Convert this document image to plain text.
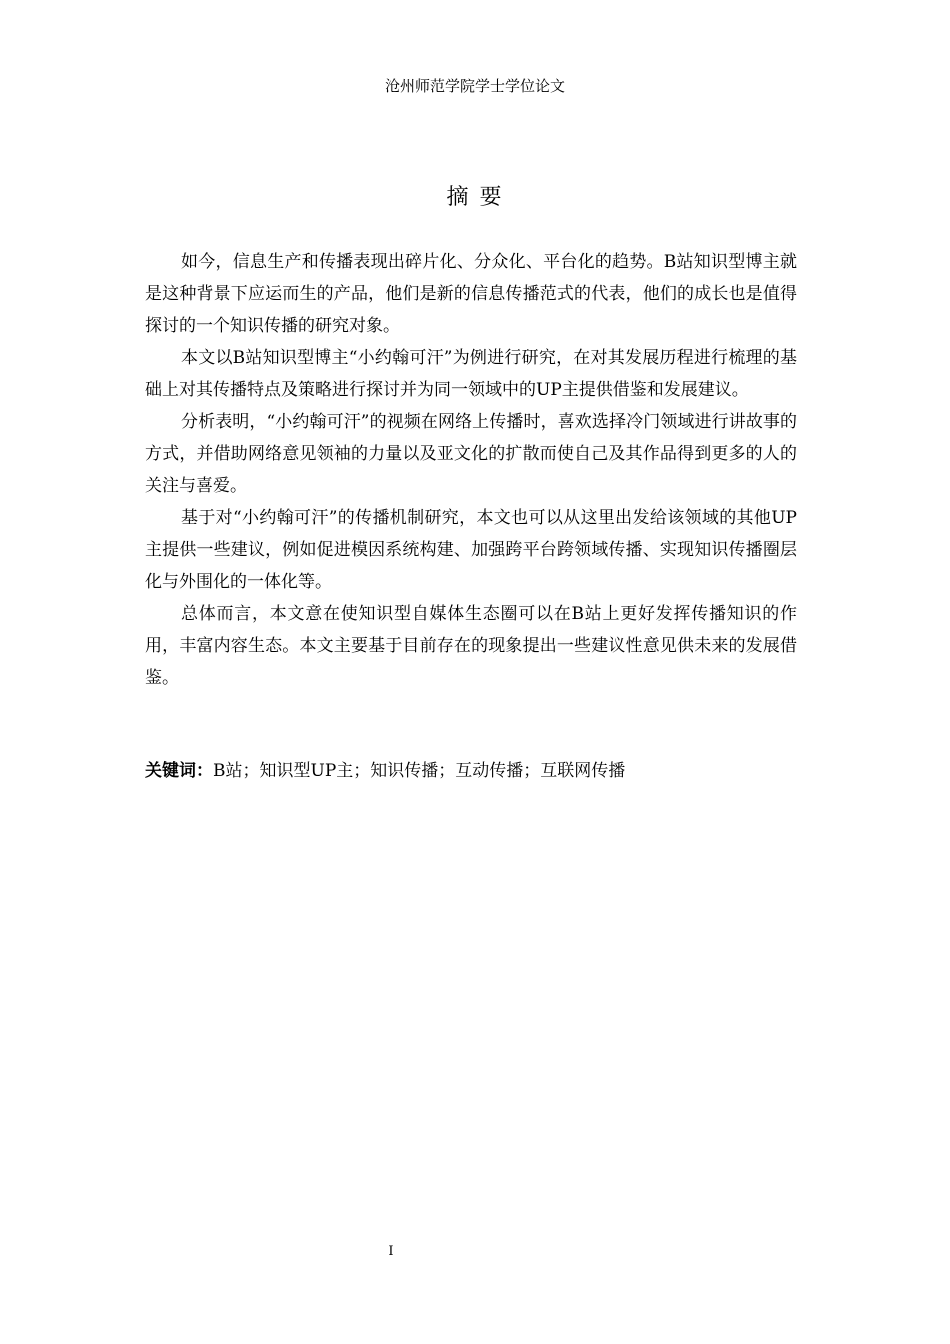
沧州师范学院学士学位论文
摘 要

如今，信息生产和传播表现出碎片化、分众化、平台化的趋势。B站知识型博主就是这种背景下应运而生的产品，他们是新的信息传播范式的代表，他们的成长也是值得探讨的一个知识传播的研究对象。

本文以B站知识型博主“小约翰可汗”为例进行研究，在对其发展历程进行梳理的基础上对其传播特点及策略进行探讨并为同一领域中的UP主提供借鉴和发展建议。

分析表明，“小约翰可汗”的视频在网络上传播时，喜欢选择冷门领域进行讲故事的方式，并借助网络意见领袖的力量以及亚文化的扩散而使自己及其作品得到更多的人的关注与喜爱。

基于对“小约翰可汗”的传播机制研究，本文也可以从这里出发给该领域的其他UP主提供一些建议，例如促进模因系统构建、加强跨平台跨领域传播、实现知识传播圈层化与外围化的一体化等。

总体而言，本文意在使知识型自媒体生态圈可以在B站上更好发挥传播知识的作用，丰富内容生态。本文主要基于目前存在的现象提出一些建议性意见供未来的发展借鉴。

关键词：B站；知识型UP主；知识传播；互动传播；互联网传播
I
